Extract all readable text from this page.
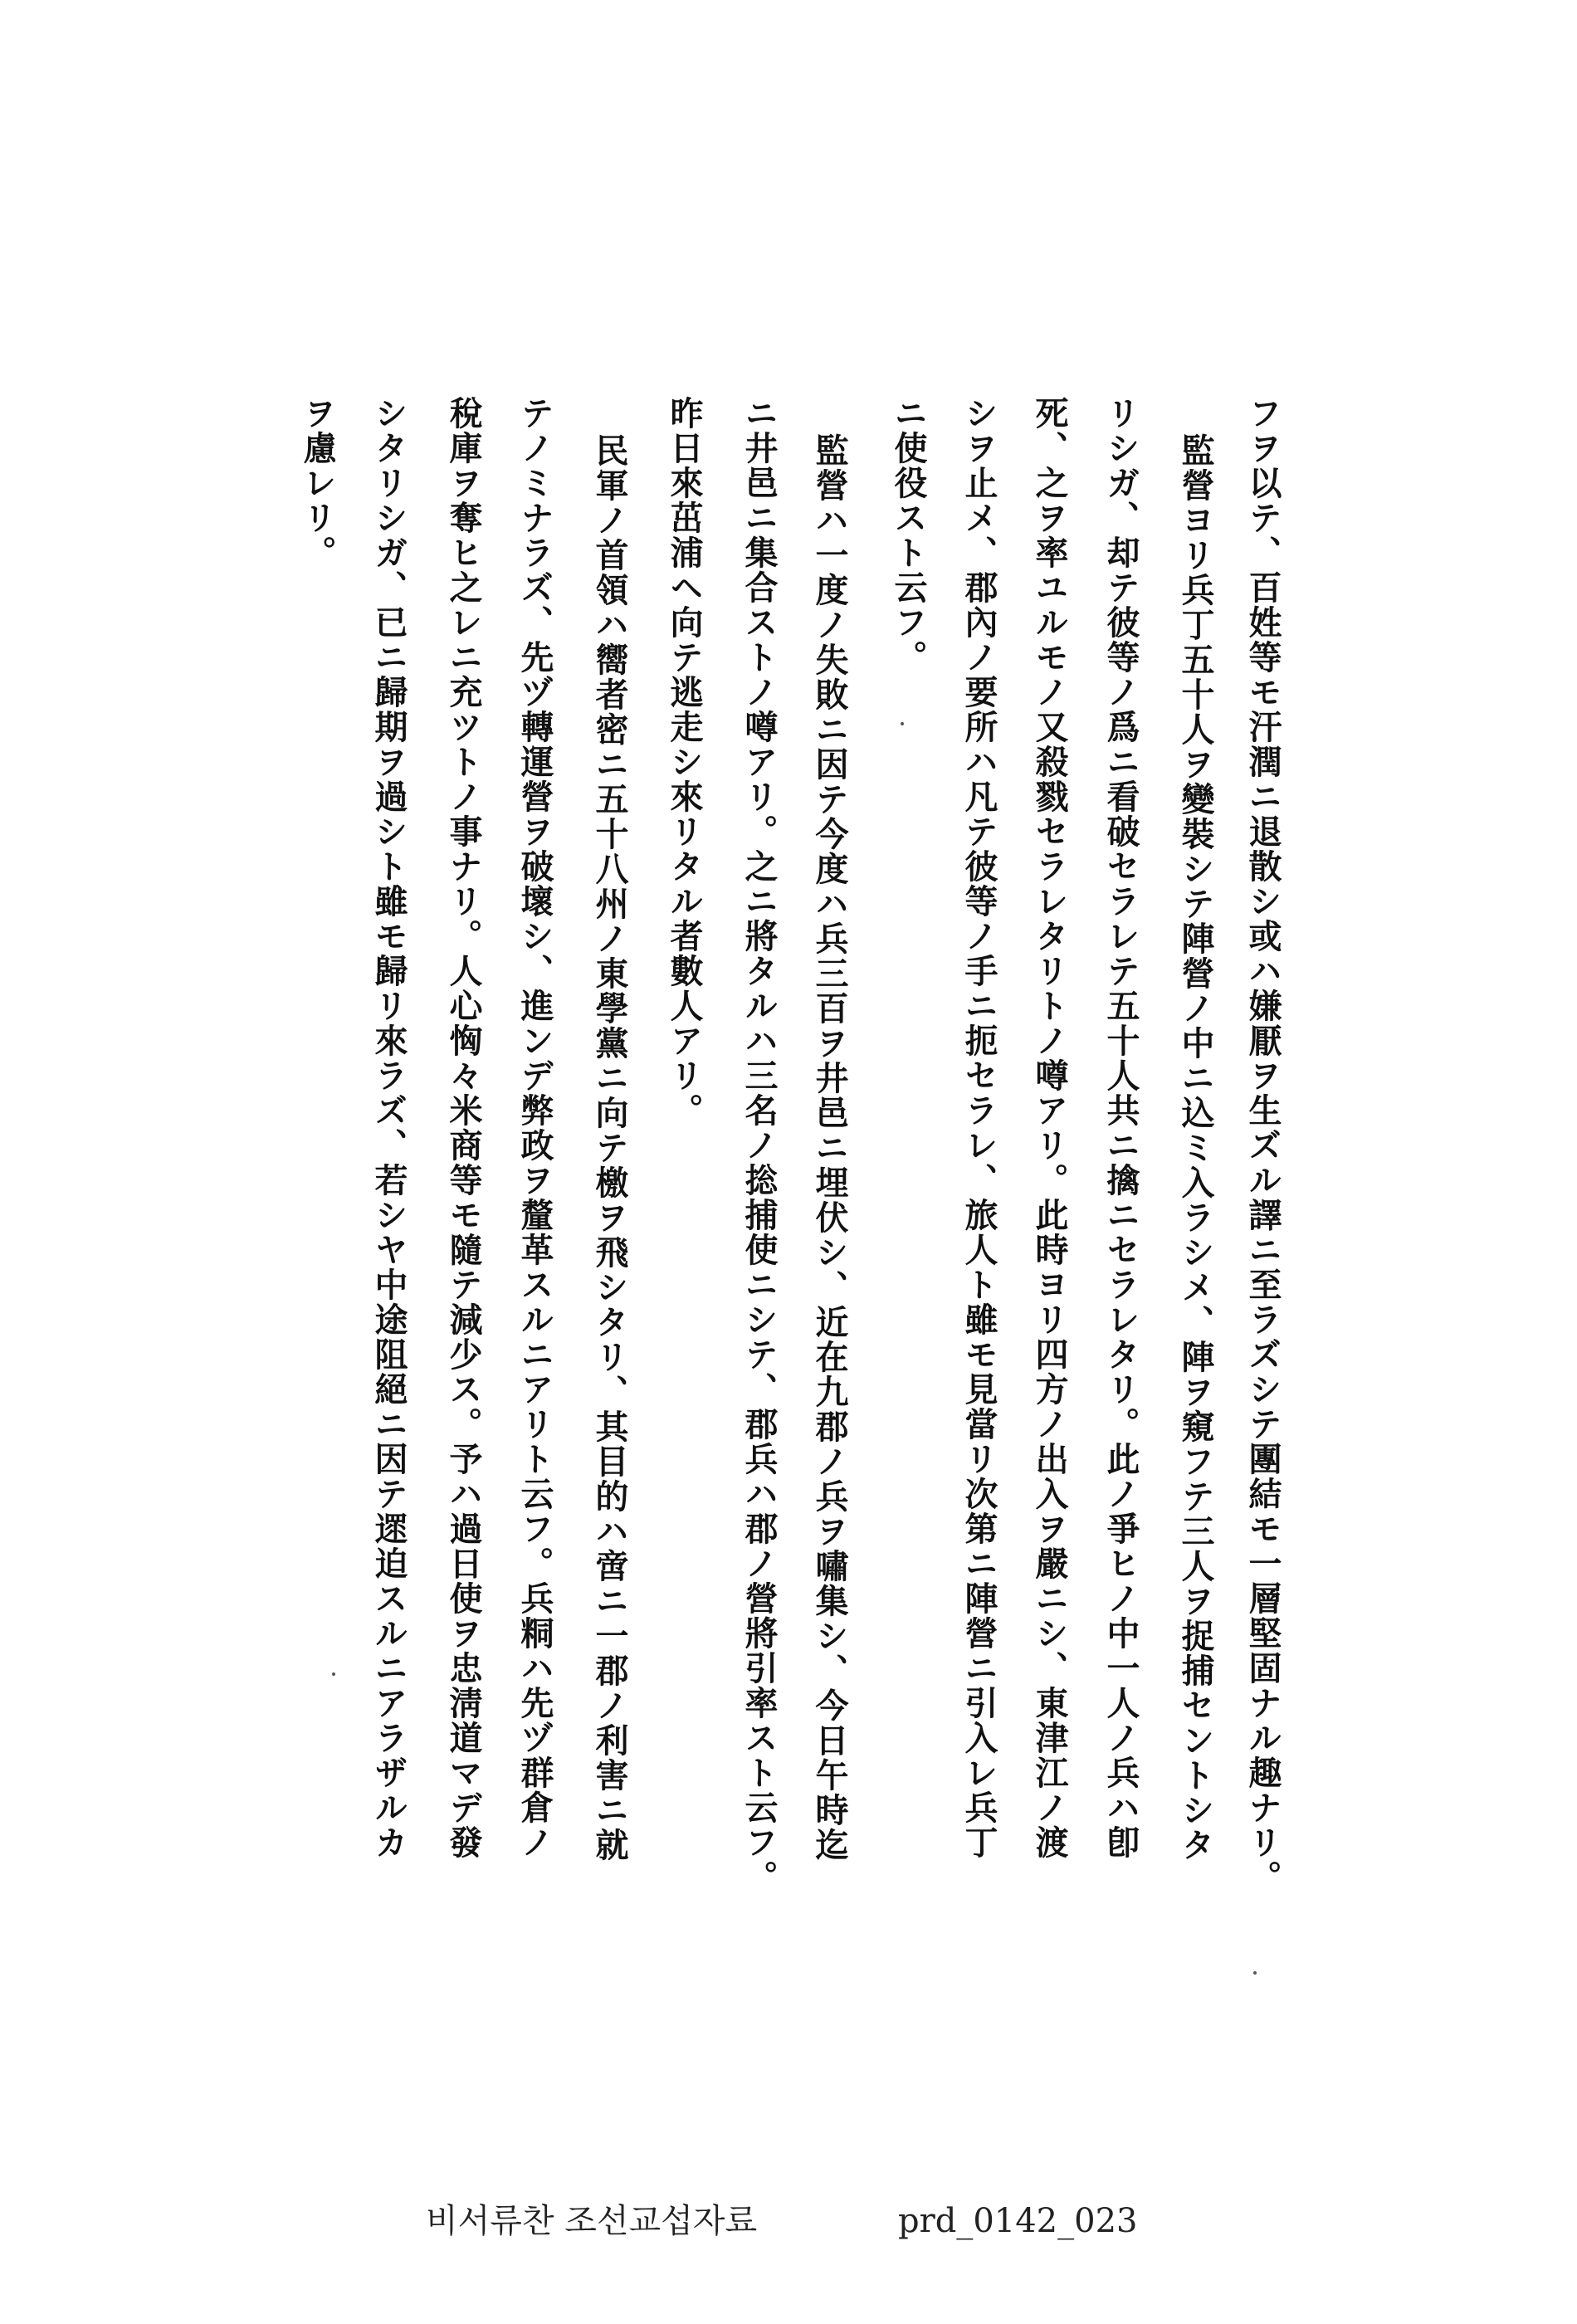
フヲ以テ、百姓等モ汗潤ニ退散シ或ハ嫌厭ヲ生ズル譯ニ至ラズシテ團結モ一層堅固ナル趣ナリ。
監營ヨリ兵丁五十人ヲ變裝シテ陣營ノ中ニ込ミ入ラシメ、陣ヲ窺フテ三人ヲ捉捕セントシタ
リシガ、却テ彼等ノ爲ニ看破セラレテ五十人共ニ擒ニセラレタリ。此ノ爭ヒノ中一人ノ兵ハ卽
死、之ヲ率ユルモノ又殺戮セラレタリトノ噂アリ。此時ヨリ四方ノ出入ヲ嚴ニシ、東津江ノ渡
シヲ止メ、郡內ノ要所ハ凡テ彼等ノ手ニ扼セラレ、旅人ト雖モ見當リ次第ニ陣營ニ引入レ兵丁
ニ使役スト云フ。
監營ハ一度ノ失敗ニ因テ今度ハ兵三百ヲ井邑ニ埋伏シ、近在九郡ノ兵ヲ嘯集シ、今日午時迄
ニ井邑ニ集合ストノ噂アリ。之ニ將タルハ三名ノ捴捕使ニシテ、郡兵ハ郡ノ營將引率スト云フ。
昨日來茁浦ヘ向テ逃走シ來リタル者數人アリ。
民軍ノ首領ハ嚮者密ニ五十八州ノ東學黨ニ向テ檄ヲ飛シタリ、其目的ハ啻ニ一郡ノ利害ニ就
テノミナラズ、先ヅ轉運營ヲ破壞シ、進ンデ弊政ヲ釐革スルニアリト云フ。兵粡ハ先ヅ群倉ノ
稅庫ヲ奪ヒ之レニ充ツトノ事ナリ。人心恟々米商等モ隨テ減少ス。予ハ過日使ヲ忠淸道マデ發
シタリシガ、已ニ歸期ヲ過シト雖モ歸リ來ラズ、若シヤ中途阻絕ニ因テ遝迫スルニアラザルカ
ヲ慮レリ。
비서류찬 조선교섭자료	prd_0142_023
